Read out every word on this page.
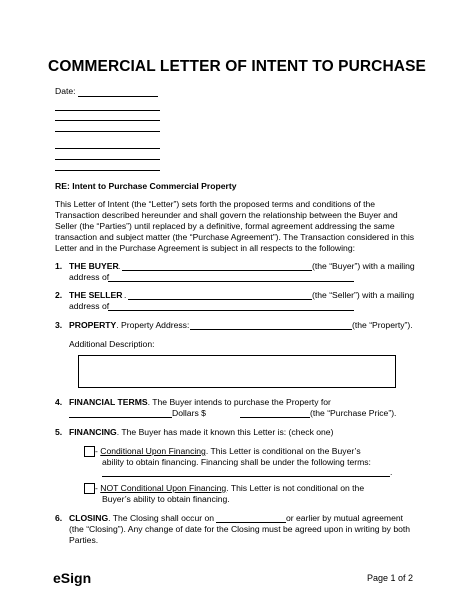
COMMERCIAL LETTER OF INTENT TO PURCHASE
Date:
RE: Intent to Purchase Commercial Property
This Letter of Intent (the “Letter”) sets forth the proposed terms and conditions of the
Transaction described hereunder and shall govern the relationship between the Buyer and
Seller (the “Parties”) until replaced by a definitive, formal agreement addressing the same
transaction and subject matter (the “Purchase Agreement”). The Transaction considered in this
Letter and in the Purchase Agreement is subject in all respects to the following:
1. THE BUYER .	(the “Buyer”) with a mailing
address of
2. THE SELLER .	(the “Seller”) with a mailing
address of
3. PROPERTY. Property Address:	(the “Property”).
Additional Description:
4. FINANCIAL TERMS. The Buyer intends to purchase the Property for
Dollars $	(the “Purchase Price”).
5. FINANCING. The Buyer has made it known this Letter is: (check one)
- Conditional Upon Financing. This Letter is conditional on the Buyer’s
ability to obtain financing. Financing shall be under the following terms:
.
- NOT Conditional Upon Financing. This Letter is not conditional on the
Buyer’s ability to obtain financing.
6. CLOSING. The Closing shall occur on	or earlier by mutual agreement
(the “Closing”). Any change of date for the Closing must be agreed upon in writing by both
Parties.
eSign	Page 1 of 2
